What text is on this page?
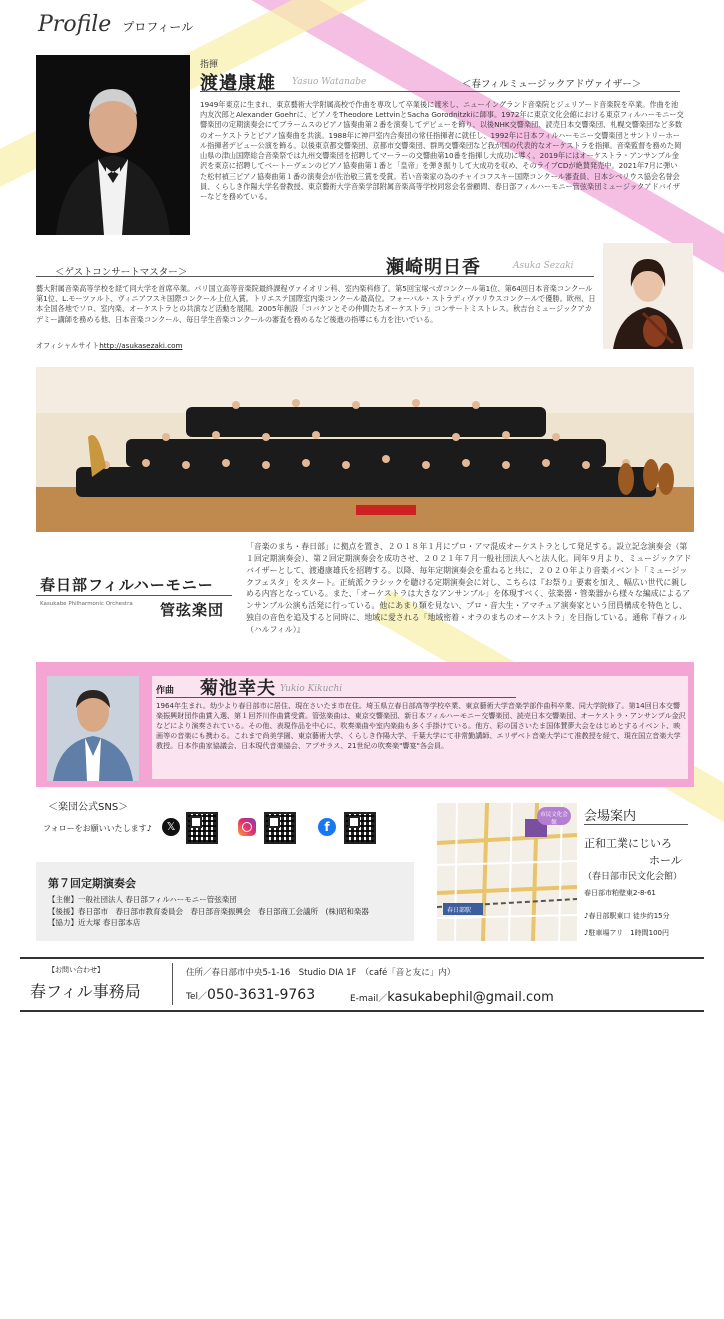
Profile プロフィール
指揮
渡邉康雄 Yasuo Watanabe	＜春フィルミュージックアドヴァイザー＞
1949年東京に生まれ、東京藝術大学附属高校で作曲を専攻して卒業後に渡米し、ニューイングランド音楽院とジュリアード音楽院を卒業。作曲を池内友次郎とAlexander Goehrに、ピアノをTheodore LettvinとSacha Gorodnitzkiに師事。1972年に東京文化会館における東京フィルハーモニー交響楽団の定期演奏会にてブラームスのピアノ協奏曲第２番を演奏してデビューを飾り、以後NHK交響楽団、読売日本交響楽団、札幌交響楽団など多数のオーケストラとピアノ協奏曲を共演。1988年に神戸室内合奏団の常任指揮者に就任し、1992年に日本フィルハーモニー交響楽団とサントリーホール指揮者デビュー公演を飾る。以後東京都交響楽団、京都市交響楽団、群馬交響楽団など我が国の代表的なオーケストラを指揮。音楽監督を務めた岡山県の津山国際総合音楽祭では九州交響楽団を招聘してマーラーの交響曲第10番を指揮し大成功に導く。2019年にはオーケストラ・アンサンブル金沢を東京に招聘してベートーヴェンのピアノ協奏曲第１番と「皇帝」を弾き振りして大成功を収め、そのライブCDが絶賛発売中。2021年7月に弾いた松村禎三ピアノ協奏曲第１番の演奏会が佐治敬三賞を受賞。若い音楽家の為のチャイコフスキー国際コンクール審査員、日本シベリウス協会名誉会員、くらしき作陽大学名誉教授、東京藝術大学音楽学部附属音楽高等学校同窓会名誉顧問、春日部フィルハーモニー管弦楽団ミュージックアドバイザーなどを務めている。
＜ゲストコンサートマスター＞	瀬崎明日香	Asuka Sezaki
藝大附属音楽高等学校を経て同大学を首席卒業。パリ国立高等音楽院最終課程ヴァイオリン科、室内楽科修了。第5回宝塚ベガコンクール第1位、第64回日本音楽コンクール第1位、L.モーツァルト、ヴィニアフスキ国際コンクール上位入賞。トリエステ国際室内楽コンクール最高位。フォーバル・ストラディヴァリウスコンクールで優勝。欧州、日本全国各地でソロ、室内楽、オーケストラとの共演など活動を展開。2005年創設「コバケンとその仲間たちオーケストラ」コンサートミストレス。秋吉台ミュージックアカデミー講師を務める他、日本音楽コンクール、毎日学生音楽コンクールの審査を務めるなど後進の指導にも力を注いでいる。
オフィシャルサイトhttp://asukasezaki.com
春日部フィルハーモニー
Kasukabe Philharmonic Orchestra 管弦楽団
「音楽のまち・春日部」に拠点を置き、２０１８年１月にプロ・アマ混成オーケストラとして発足する。設立記念演奏会（第１回定期演奏会）、第２回定期演奏会を成功させ、２０２１年７月一般社団法人へと法人化。同年９月より、ミュージックアドバイザーとして、渡邉康雄氏を招聘する。以降、毎年定期演奏会を重ねると共に、２０２０年より音楽イベント「ミュージックフェスタ」をスタート。正統派クラシックを聴ける定期演奏会に対し、こちらは『お祭り』要素を加え、幅広い世代に親しめる内容となっている。また、「オーケストラは大きなアンサンブル」を体現すべく、弦楽器・管楽器から様々な編成によるアンサンブル公演も活発に行っている。他にあまり類を見ない、プロ・音大生・アマチュア演奏家という団員構成を特色とし、独自の音色を追及すると同時に、地域に愛される「地域密着・オラのまちのオーケストラ」を目指している。通称『春フィル（ハルフィル）』
作曲 菊池幸夫 Yukio Kikuchi
1964年生まれ。幼少より春日部市に居住、現在さいたま市在住。埼玉県立春日部高等学校卒業、東京藝術大学音楽学部作曲科卒業、同大学院修了。第14回日本交響楽振興財団作曲賞入選、第１回芥川作曲賞受賞。管弦楽曲は、東京交響楽団、新日本フィルハーモニー交響楽団、読売日本交響楽団、オーケストラ・アンサンブル金沢などにより演奏されている。その他、表現作品を中心に、吹奏楽曲や室内楽曲も多く手掛けている。他方、彩の国さいたま国体賛夢大会をはじめとするイベント、映画等の音楽にも携わる。これまで尚美学園、東京藝術大学、くらしき作陽大学、千葉大学にて非常勤講師、エリザベト音楽大学にて准教授を経て、現在国立音楽大学教授。日本作曲家協議会、日本現代音楽協会、アプサラス、21世紀の吹奏楽"響宴"各会員。
＜楽団公式SNS＞
フォローをお願いいたします♪	𝕏	f
第７回定期演奏会
【主催】一般社団法人 春日部フィルハーモニー管弦楽団
【後援】春日部市　春日部市教育委員会　春日部音楽振興会　春日部商工会議所　(株)昭和楽器
【協力】近大塚 春日部本店
春日部駅
市民文化会館	会場案内
正和工業にじいろ
ホール
（春日部市民文化会館）
春日部市粕壁東2-8-61
♪春日部駅東口 徒歩約15分
♪駐車場アリ　1時間100円
【お問い合わせ】
春フィル事務局
住所／春日部市中央5-1-16　Studio DIA 1F　（café「音と友に」内）
Tel／050-3631-9763	E-mail／kasukabephil@gmail.com
